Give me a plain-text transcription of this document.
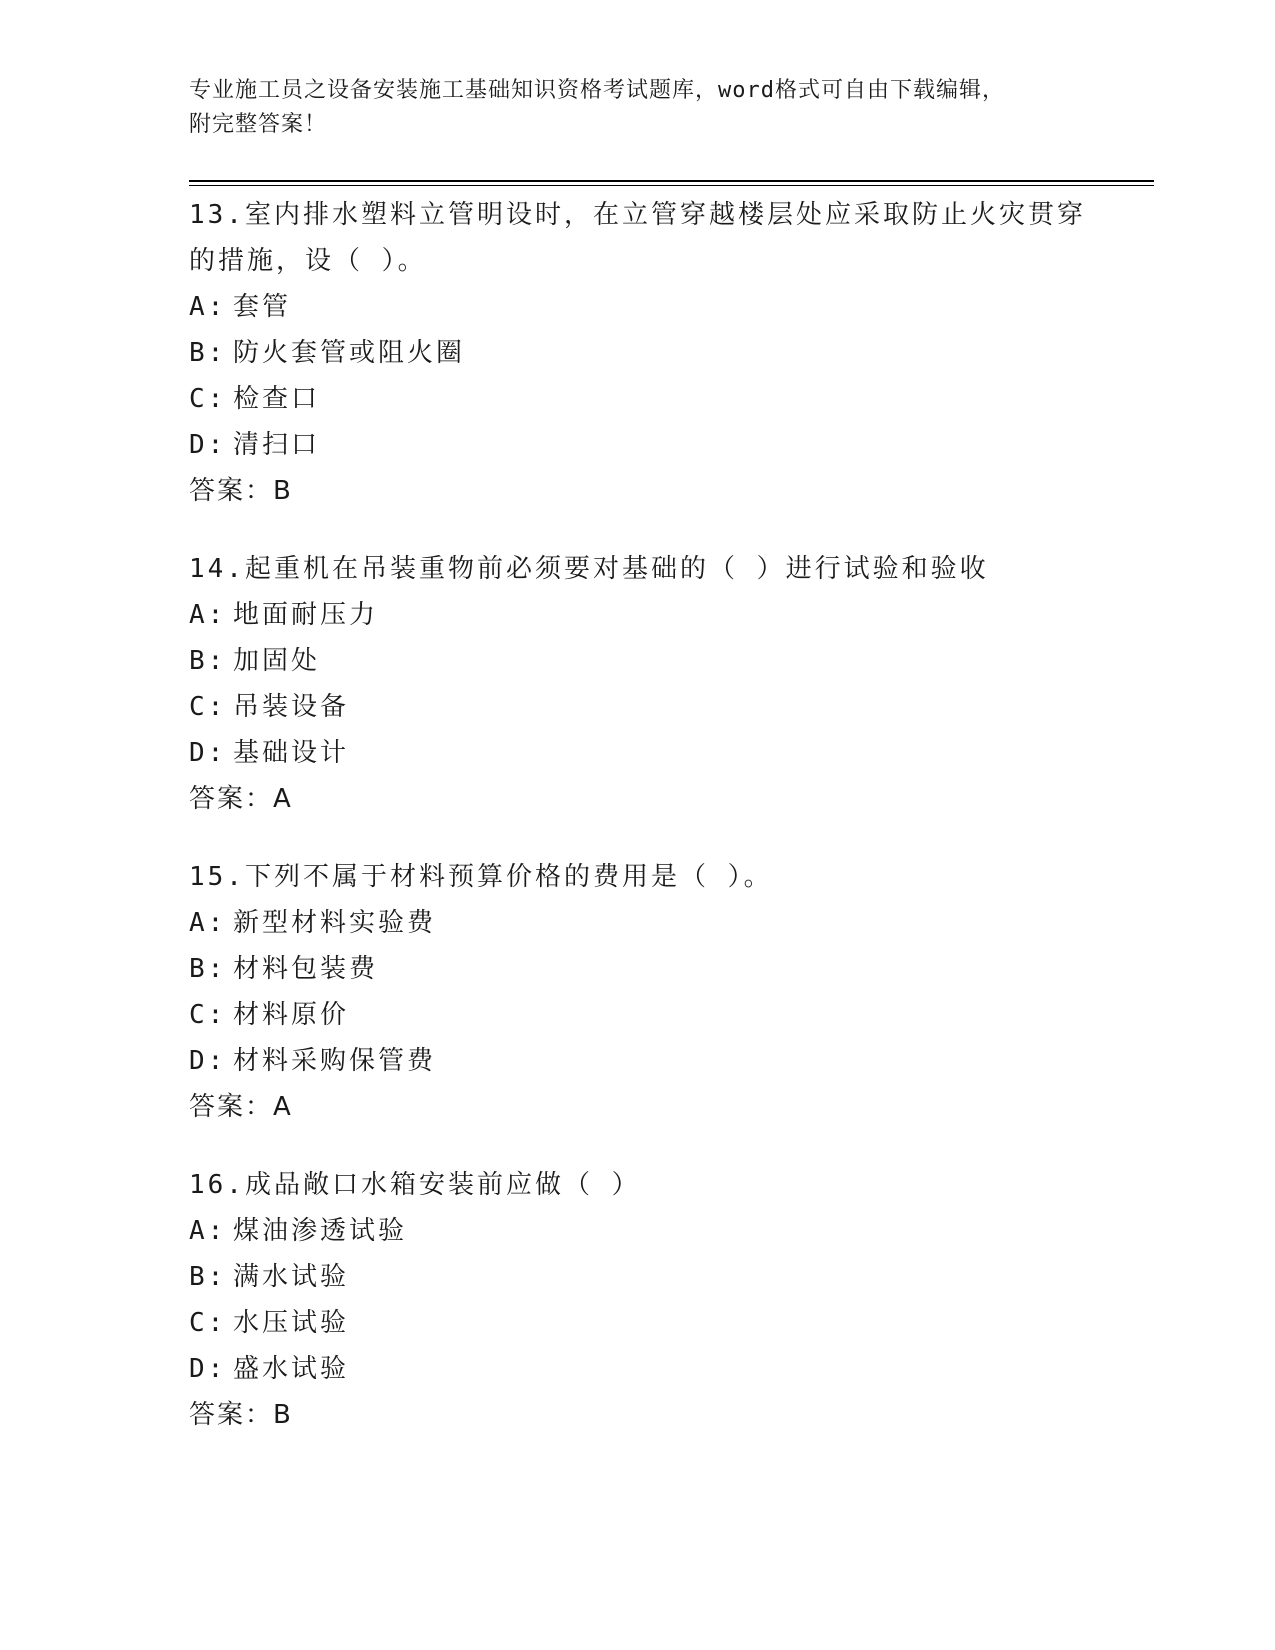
专业施工员之设备安装施工基础知识资格考试题库，word格式可自由下载编辑，
附完整答案！

13.室内排水塑料立管明设时，在立管穿越楼层处应采取防止火灾贯穿
的措施，设（ ）。

A: 套管

B: 防火套管或阻火圈

C: 检查口

D: 清扫口

答案：B

14.起重机在吊装重物前必须要对基础的（ ）进行试验和验收

A: 地面耐压力

B: 加固处

C: 吊装设备

D: 基础设计

答案：A

15.下列不属于材料预算价格的费用是（ ）。

A: 新型材料实验费

B: 材料包装费

C: 材料原价

D: 材料采购保管费

答案：A

16.成品敞口水箱安装前应做（ ）

A: 煤油渗透试验

B: 满水试验

C: 水压试验

D: 盛水试验

答案：B
